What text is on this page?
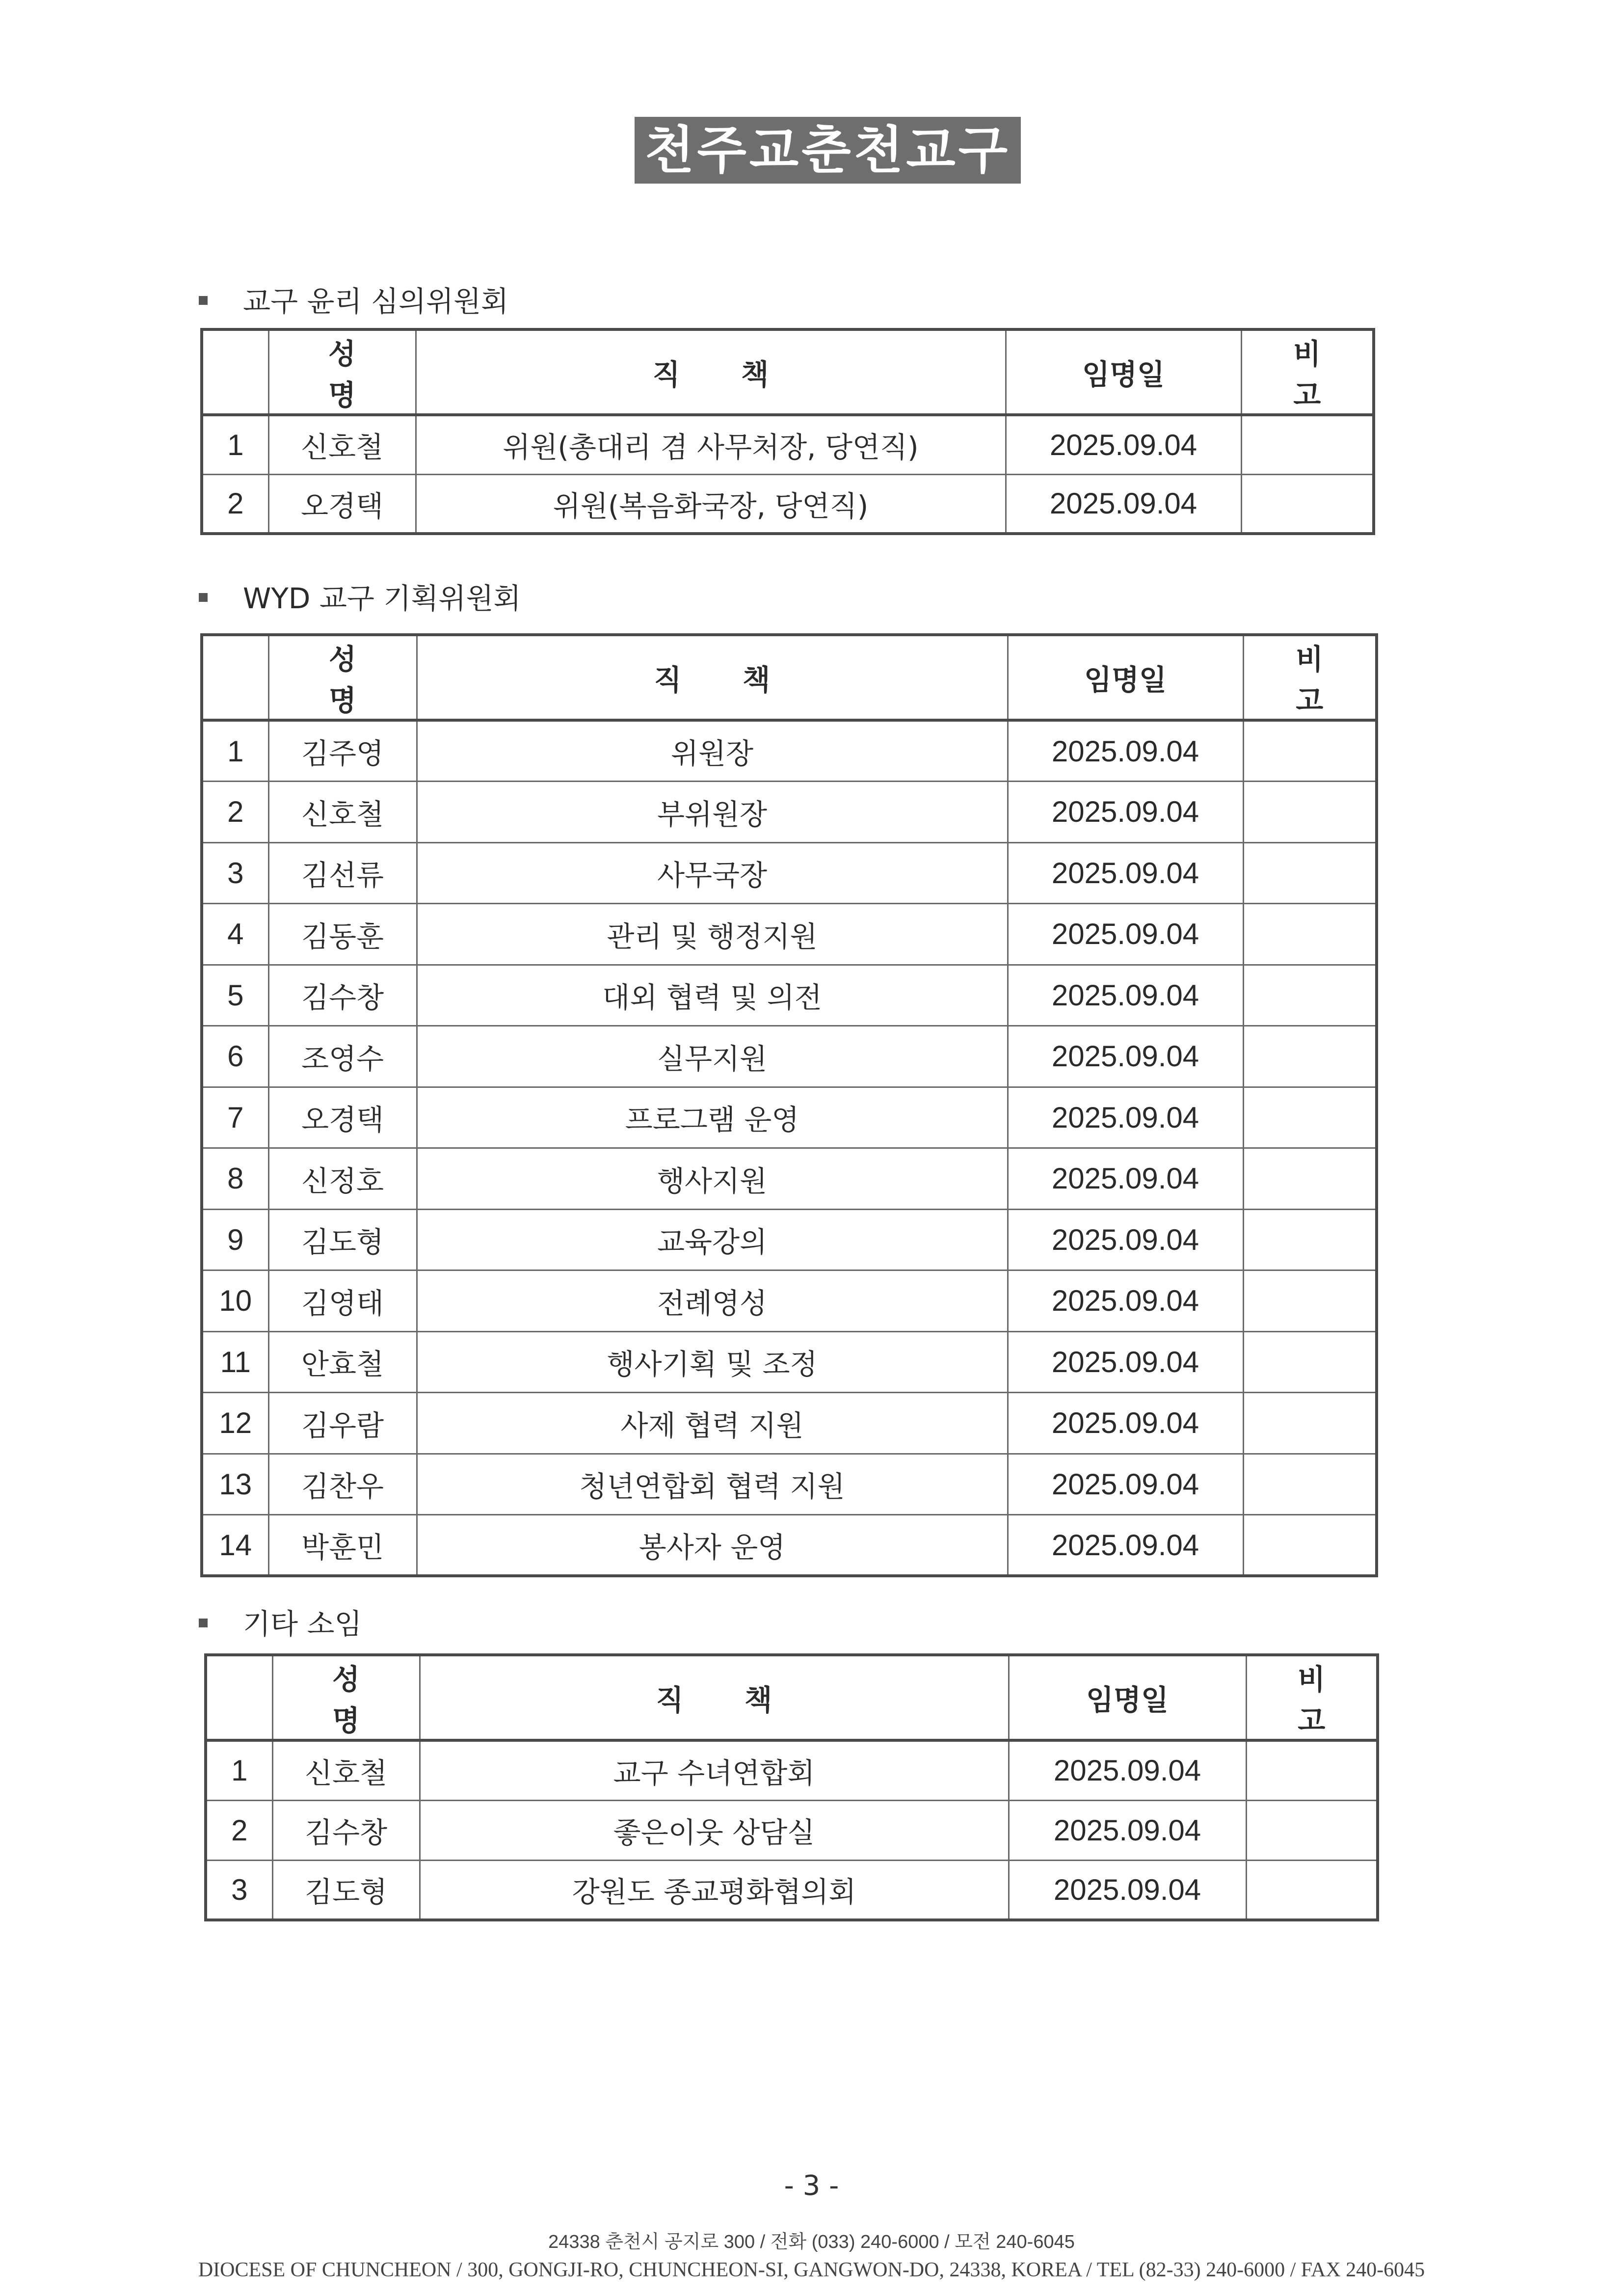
천주교춘천교구
교구 윤리 심의위원회
	성 명	직 책	임명일	비 고
1	신호철	위원(총대리 겸 사무처장, 당연직)	2025.09.04	
2	오경택	위원(복음화국장, 당연직)	2025.09.04	
WYD 교구 기획위원회
	성 명	직 책	임명일	비 고
1	김주영	위원장	2025.09.04	
2	신호철	부위원장	2025.09.04	
3	김선류	사무국장	2025.09.04	
4	김동훈	관리 및 행정지원	2025.09.04	
5	김수창	대외 협력 및 의전	2025.09.04	
6	조영수	실무지원	2025.09.04	
7	오경택	프로그램 운영	2025.09.04	
8	신정호	행사지원	2025.09.04	
9	김도형	교육강의	2025.09.04	
10	김영태	전례영성	2025.09.04	
11	안효철	행사기획 및 조정	2025.09.04	
12	김우람	사제 협력 지원	2025.09.04	
13	김찬우	청년연합회 협력 지원	2025.09.04	
14	박훈민	봉사자 운영	2025.09.04	
기타 소임
	성 명	직 책	임명일	비 고
1	신호철	교구 수녀연합회	2025.09.04	
2	김수창	좋은이웃 상담실	2025.09.04	
3	김도형	강원도 종교평화협의회	2025.09.04	
- 3 -
24338 춘천시 공지로 300 / 전화 (033) 240-6000 / 모전 240-6045
DIOCESE OF CHUNCHEON / 300, GONGJI-RO, CHUNCHEON-SI, GANGWON-DO, 24338, KOREA / TEL (82-33) 240-6000 / FAX 240-6045
